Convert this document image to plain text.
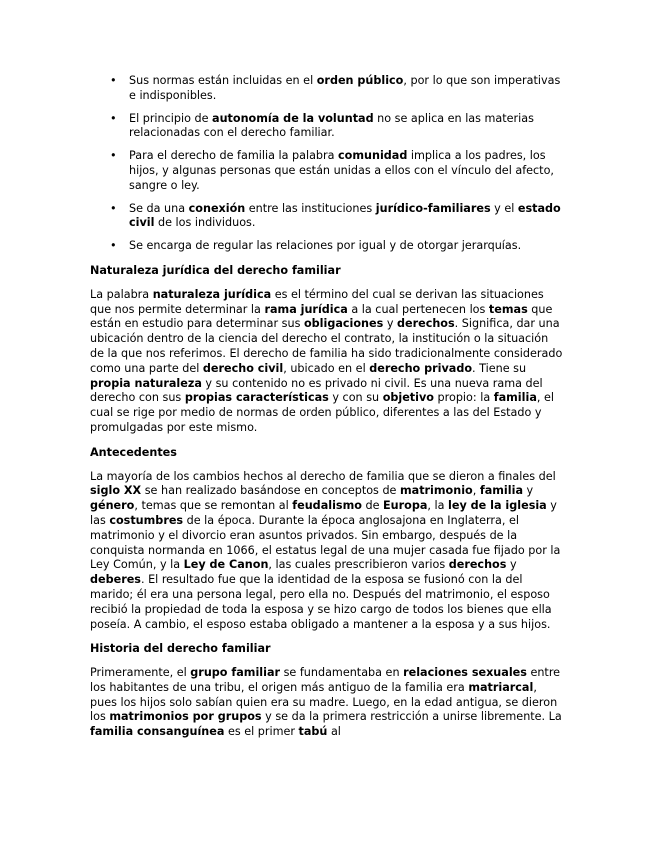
• Sus normas están incluidas en el orden público, por lo que son imperativas e indisponibles.
• El principio de autonomía de la voluntad no se aplica en las materias relacionadas con el derecho familiar.
• Para el derecho de familia la palabra comunidad implica a los padres, los hijos, y algunas personas que están unidas a ellos con el vínculo del afecto, sangre o ley.
• Se da una conexión entre las instituciones jurídico-familiares y el estado civil de los individuos.
• Se encarga de regular las relaciones por igual y de otorgar jerarquías.
Naturaleza jurídica del derecho familiar

La palabra naturaleza jurídica es el término del cual se derivan las situaciones que nos permite determinar la rama jurídica a la cual pertenecen los temas que están en estudio para determinar sus obligaciones y derechos. Significa, dar una ubicación dentro de la ciencia del derecho el contrato, la institución o la situación de la que nos referimos. El derecho de familia ha sido tradicionalmente considerado como una parte del derecho civil, ubicado en el derecho privado. Tiene su propia naturaleza y su contenido no es privado ni civil. Es una nueva rama del derecho con sus propias características y con su objetivo propio: la familia, el cual se rige por medio de normas de orden público, diferentes a las del Estado y promulgadas por este mismo.

Antecedentes

La mayoría de los cambios hechos al derecho de familia que se dieron a finales del siglo XX se han realizado basándose en conceptos de matrimonio, familia y género, temas que se remontan al feudalismo de Europa, la ley de la iglesia y las costumbres de la época. Durante la época anglosajona en Inglaterra, el matrimonio y el divorcio eran asuntos privados. Sin embargo, después de la conquista normanda en 1066, el estatus legal de una mujer casada fue fijado por la Ley Común, y la Ley de Canon, las cuales prescribieron varios derechos y deberes. El resultado fue que la identidad de la esposa se fusionó con la del marido; él era una persona legal, pero ella no. Después del matrimonio, el esposo recibió la propiedad de toda la esposa y se hizo cargo de todos los bienes que ella poseía. A cambio, el esposo estaba obligado a mantener a la esposa y a sus hijos.

Historia del derecho familiar

Primeramente, el grupo familiar se fundamentaba en relaciones sexuales entre los habitantes de una tribu, el origen más antiguo de la familia era matriarcal, pues los hijos solo sabían quien era su madre. Luego, en la edad antigua, se dieron los matrimonios por grupos y se da la primera restricción a unirse libremente. La familia consanguínea es el primer tabú al
